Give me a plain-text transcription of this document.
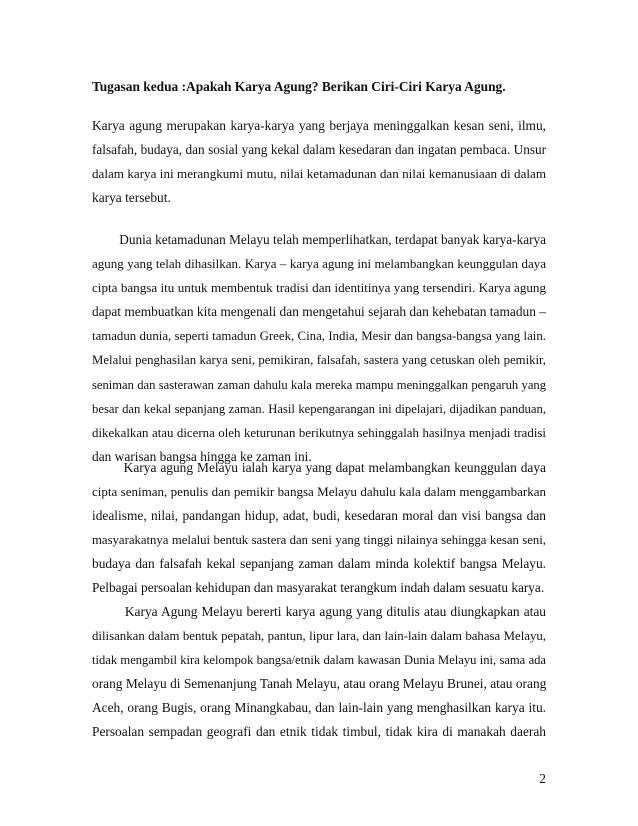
Tugasan kedua :Apakah Karya Agung? Berikan Ciri-Ciri Karya Agung.
Karya agung merupakan karya-karya yang berjaya meninggalkan kesan seni, ilmu,
falsafah, budaya, dan sosial yang kekal dalam kesedaran dan ingatan pembaca. Unsur
dalam karya ini merangkumi mutu, nilai ketamadunan dan nilai kemanusiaan di dalam
karya tersebut.
Dunia ketamadunan Melayu telah memperlihatkan, terdapat banyak karya-karya
agung yang telah dihasilkan. Karya – karya agung ini melambangkan keunggulan daya
cipta bangsa itu untuk membentuk tradisi dan identitinya yang tersendiri. Karya agung
dapat membuatkan kita mengenali dan mengetahui sejarah dan kehebatan tamadun –
tamadun dunia, seperti tamadun Greek, Cina, India, Mesir dan bangsa-bangsa yang lain.
Melalui penghasilan karya seni, pemikiran, falsafah, sastera yang cetuskan oleh pemikir,
seniman dan sasterawan zaman dahulu kala mereka mampu meninggalkan pengaruh yang
besar dan kekal sepanjang zaman. Hasil kepengarangan ini dipelajari, dijadikan panduan,
dikekalkan atau dicerna oleh keturunan berikutnya sehinggalah hasilnya menjadi tradisi
dan warisan bangsa hingga ke zaman ini.
Karya agung Melayu ialah karya yang dapat melambangkan keunggulan daya
cipta seniman, penulis dan pemikir bangsa Melayu dahulu kala dalam menggambarkan
idealisme, nilai, pandangan hidup, adat, budi, kesedaran moral dan visi bangsa dan
masyarakatnya melalui bentuk sastera dan seni yang tinggi nilainya sehingga kesan seni,
budaya dan falsafah kekal sepanjang zaman dalam minda kolektif bangsa Melayu.
Pelbagai persoalan kehidupan dan masyarakat terangkum indah dalam sesuatu karya.
Karya Agung Melayu bererti karya agung yang ditulis atau diungkapkan atau
dilisankan dalam bentuk pepatah, pantun, lipur lara, dan lain-lain dalam bahasa Melayu,
tidak mengambil kira kelompok bangsa/etnik dalam kawasan Dunia Melayu ini, sama ada
orang Melayu di Semenanjung Tanah Melayu, atau orang Melayu Brunei, atau orang
Aceh, orang Bugis, orang Minangkabau, dan lain-lain yang menghasilkan karya itu.
Persoalan sempadan geografi dan etnik tidak timbul, tidak kira di manakah daerah
2
